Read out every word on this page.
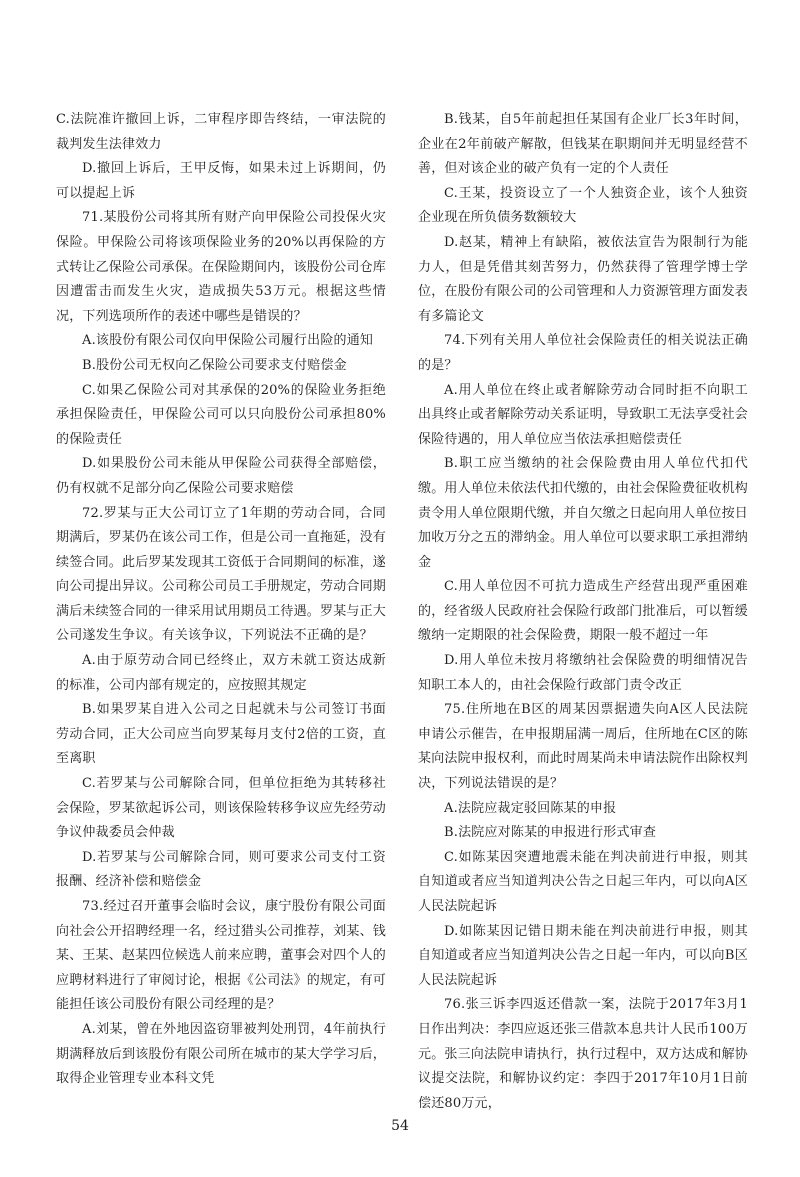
C.法院准许撤回上诉，二审程序即告终结，一审法院的裁判发生法律效力

D.撤回上诉后，王甲反悔，如果未过上诉期间，仍可以提起上诉

71.某股份公司将其所有财产向甲保险公司投保火灾保险。甲保险公司将该项保险业务的20%以再保险的方式转让乙保险公司承保。在保险期间内，该股份公司仓库因遭雷击而发生火灾，造成损失53万元。根据这些情况，下列选项所作的表述中哪些是错误的？

A.该股份有限公司仅向甲保险公司履行出险的通知

B.股份公司无权向乙保险公司要求支付赔偿金

C.如果乙保险公司对其承保的20%的保险业务拒绝承担保险责任，甲保险公司可以只向股份公司承担80%的保险责任

D.如果股份公司未能从甲保险公司获得全部赔偿，仍有权就不足部分向乙保险公司要求赔偿

72.罗某与正大公司订立了1年期的劳动合同，合同期满后，罗某仍在该公司工作，但是公司一直拖延，没有续签合同。此后罗某发现其工资低于合同期间的标准，遂向公司提出异议。公司称公司员工手册规定，劳动合同期满后未续签合同的一律采用试用期员工待遇。罗某与正大公司遂发生争议。有关该争议，下列说法不正确的是？

A.由于原劳动合同已经终止，双方未就工资达成新的标准，公司内部有规定的，应按照其规定

B.如果罗某自进入公司之日起就未与公司签订书面劳动合同，正大公司应当向罗某每月支付2倍的工资，直至离职

C.若罗某与公司解除合同，但单位拒绝为其转移社会保险，罗某欲起诉公司，则该保险转移争议应先经劳动争议仲裁委员会仲裁

D.若罗某与公司解除合同，则可要求公司支付工资报酬、经济补偿和赔偿金

73.经过召开董事会临时会议，康宁股份有限公司面向社会公开招聘经理一名，经过猎头公司推荐，刘某、钱某、王某、赵某四位候选人前来应聘，董事会对四个人的应聘材料进行了审阅讨论，根据《公司法》的规定，有可能担任该公司股份有限公司经理的是？

A.刘某，曾在外地因盗窃罪被判处刑罚，4年前执行期满释放后到该股份有限公司所在城市的某大学学习后，取得企业管理专业本科文凭

B.钱某，自5年前起担任某国有企业厂长3年时间，企业在2年前破产解散，但钱某在职期间并无明显经营不善，但对该企业的破产负有一定的个人责任

C.王某，投资设立了一个人独资企业，该个人独资企业现在所负债务数额较大

D.赵某，精神上有缺陷，被依法宣告为限制行为能力人，但是凭借其刻苦努力，仍然获得了管理学博士学位，在股份有限公司的公司管理和人力资源管理方面发表有多篇论文

74.下列有关用人单位社会保险责任的相关说法正确的是？

A.用人单位在终止或者解除劳动合同时拒不向职工出具终止或者解除劳动关系证明，导致职工无法享受社会保险待遇的，用人单位应当依法承担赔偿责任

B.职工应当缴纳的社会保险费由用人单位代扣代缴。用人单位未依法代扣代缴的，由社会保险费征收机构责令用人单位限期代缴，并自欠缴之日起向用人单位按日加收万分之五的滞纳金。用人单位可以要求职工承担滞纳金

C.用人单位因不可抗力造成生产经营出现严重困难的，经省级人民政府社会保险行政部门批准后，可以暂缓缴纳一定期限的社会保险费，期限一般不超过一年

D.用人单位未按月将缴纳社会保险费的明细情况告知职工本人的，由社会保险行政部门责令改正

75.住所地在B区的周某因票据遗失向A区人民法院申请公示催告，在申报期届满一周后，住所地在C区的陈某向法院申报权利，而此时周某尚未申请法院作出除权判决，下列说法错误的是？

A.法院应裁定驳回陈某的申报

B.法院应对陈某的申报进行形式审查

C.如陈某因突遭地震未能在判决前进行申报，则其自知道或者应当知道判决公告之日起三年内，可以向A区人民法院起诉

D.如陈某因记错日期未能在判决前进行申报，则其自知道或者应当知道判决公告之日起一年内，可以向B区人民法院起诉

76.张三诉李四返还借款一案，法院于2017年3月1日作出判决：李四应返还张三借款本息共计人民币100万元。张三向法院申请执行，执行过程中，双方达成和解协议提交法院，和解协议约定：李四于2017年10月1日前偿还80万元，

54
